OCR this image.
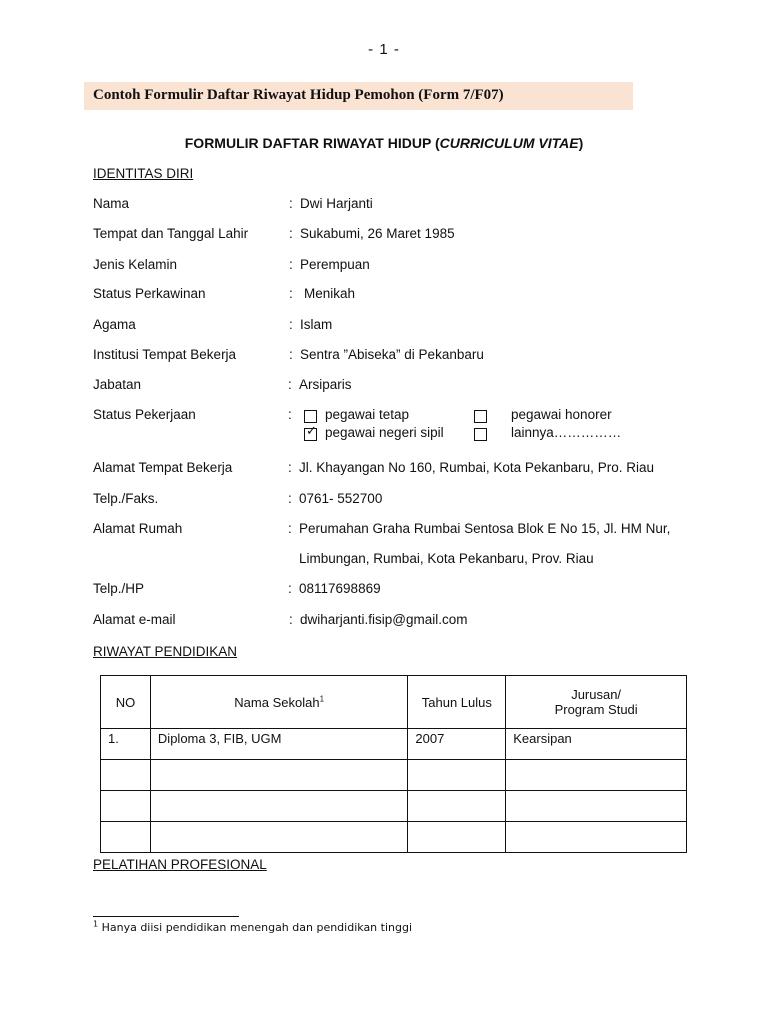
- 1 -
Contoh Formulir Daftar Riwayat Hidup Pemohon (Form 7/F07)
FORMULIR DAFTAR RIWAYAT HIDUP (CURRICULUM VITAE)
IDENTITAS DIRI
Nama	: Dwi Harjanti
Tempat dan Tanggal Lahir	: Sukabumi, 26 Maret 1985
Jenis Kelamin	: Perempuan
Status Perkawinan	: Menikah
Agama	: Islam
Institusi Tempat Bekerja	: Sentra ”Abiseka” di Pekanbaru
Jabatan	: Arsiparis
Status Pekerjaan	: pegawai tetap	pegawai honorer
✓ pegawai negeri sipil	lainnya……………
Alamat Tempat Bekerja	: Jl. Khayangan No 160, Rumbai, Kota Pekanbaru, Pro. Riau
Telp./Faks.	: 0761- 552700
Alamat Rumah	: Perumahan Graha Rumbai Sentosa Blok E No 15, Jl. HM Nur,
Limbungan, Rumbai, Kota Pekanbaru, Prov. Riau
Telp./HP	: 08117698869
Alamat e-mail	: dwiharjanti.fisip@gmail.com
RIWAYAT PENDIDIKAN
NO	Nama Sekolah$^1$	Tahun Lulus	Jurusan/
Program Studi
1.	Diploma 3, FIB, UGM	2007	Kearsipan

PELATIHAN PROFESIONAL
$^1$ Hanya diisi pendidikan menengah dan pendidikan tinggi
